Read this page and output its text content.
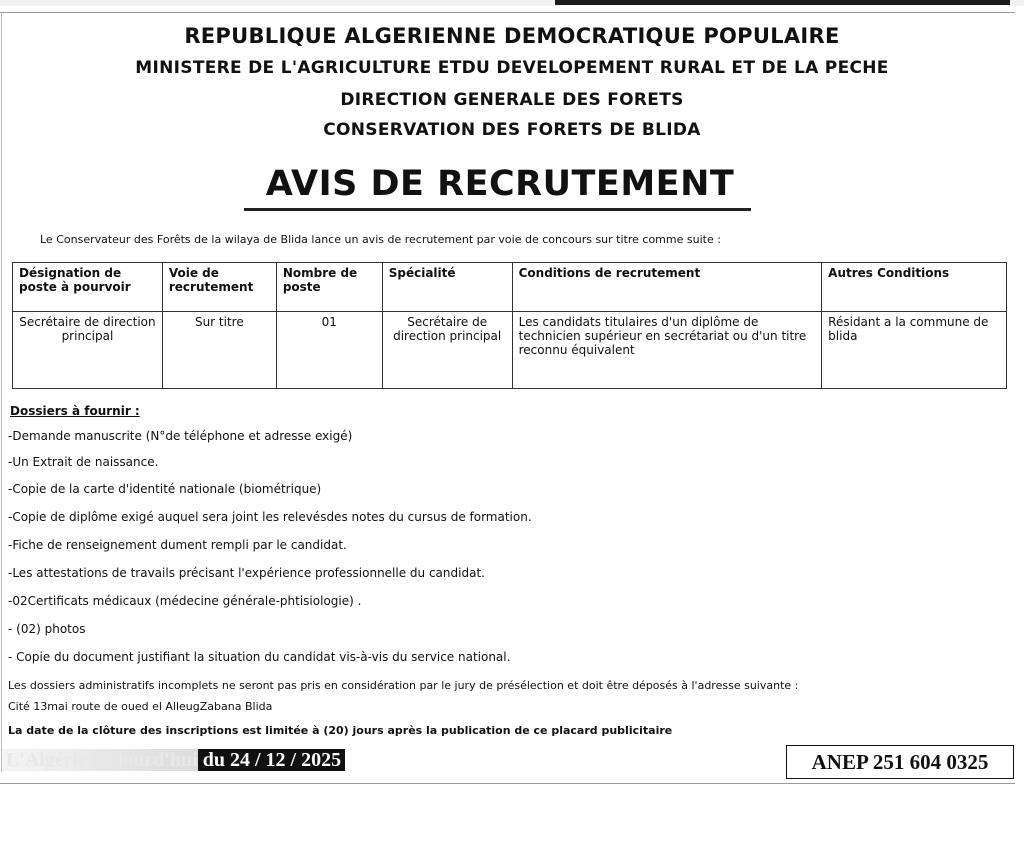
REPUBLIQUE ALGERIENNE DEMOCRATIQUE POPULAIRE
MINISTERE DE L'AGRICULTURE ETDU DEVELOPEMENT RURAL ET DE LA PECHE
DIRECTION GENERALE DES FORETS
CONSERVATION DES FORETS DE BLIDA
AVIS DE RECRUTEMENT
Le Conservateur des Forêts de la wilaya de Blida lance un avis de recrutement par voie de concours sur titre comme suite :
Désignation de poste à pourvoir	Voie de recrutement	Nombre de poste	Spécialité	Conditions de recrutement	Autres Conditions
Secrétaire de direction principal	Sur titre	01	Secrétaire de direction principal	Les candidats titulaires d'un diplôme de technicien supérieur en secrétariat ou d'un titre reconnu équivalent	Résidant a la commune de blida
Dossiers à fournir :
-Demande manuscrite (N°de téléphone et adresse exigé)
-Un Extrait de naissance.
-Copie de la carte d'identité nationale (biométrique)
-Copie de diplôme exigé auquel sera joint les relevésdes notes du cursus de formation.
-Fiche de renseignement dument rempli par le candidat.
-Les attestations de travails précisant l'expérience professionnelle du candidat.
-02Certificats médicaux (médecine générale-phtisiologie) .
- (02) photos
- Copie du document justifiant la situation du candidat vis-à-vis du service national.
Les dossiers administratifs incomplets ne seront pas pris en considération par le jury de présélection et doit être déposés à l'adresse suivante :
Cité 13mai route de oued el AlleugZabana Blida
La date de la clôture des inscriptions est limitée à (20) jours après la publication de ce placard publicitaire
L'Algérie Aujourd'hui du 24 / 12 / 2025	ANEP 251 604 0325
